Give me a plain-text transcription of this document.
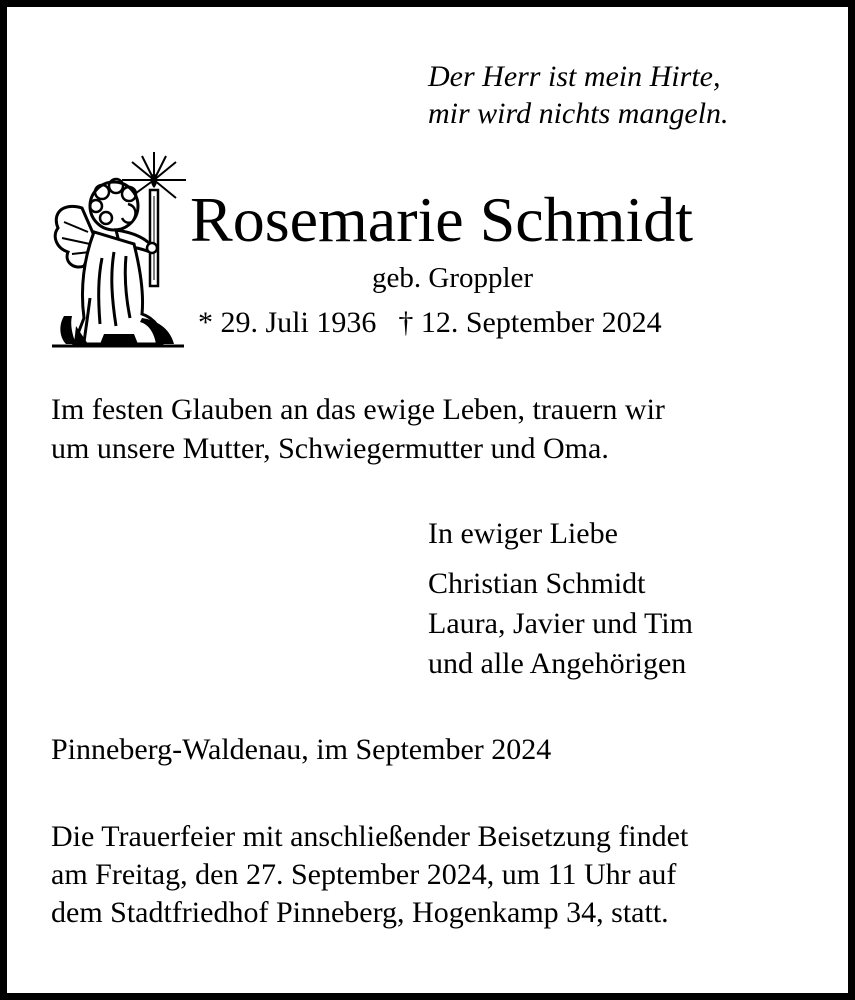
Der Herr ist mein Hirte,
mir wird nichts mangeln.
Rosemarie Schmidt
geb. Groppler
* 29. Juli 1936 † 12. September 2024

Im festen Glauben an das ewige Leben, trauern wir

um unsere Mutter, Schwiegermutter und Oma.

In ewiger Liebe

Christian Schmidt

Laura, Javier und Tim

und alle Angehörigen

Pinneberg-Waldenau, im September 2024

Die Trauerfeier mit anschließender Beisetzung findet

am Freitag, den 27. September 2024, um 11 Uhr auf

dem Stadtfriedhof Pinneberg, Hogenkamp 34, statt.
